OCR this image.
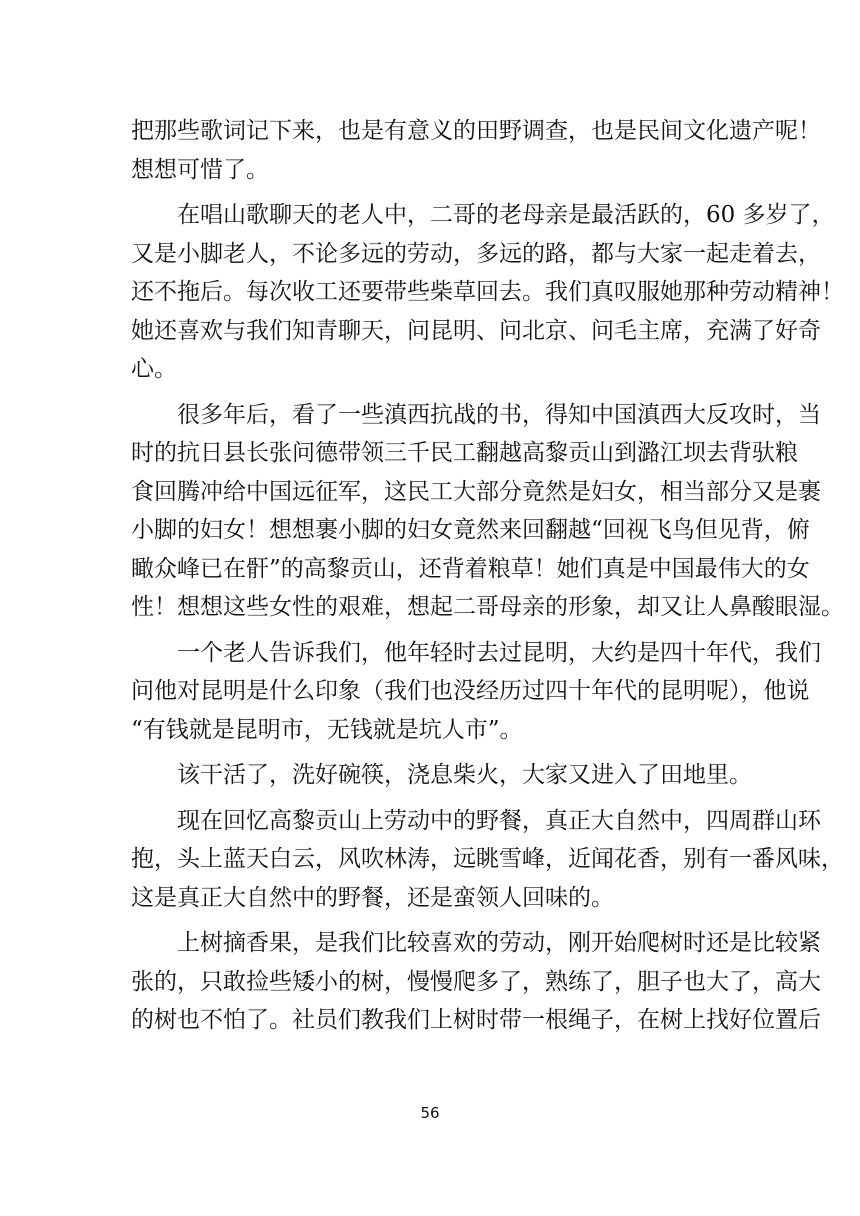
把那些歌词记下来，也是有意义的田野调查，也是民间文化遗产呢！
想想可惜了。

在唱山歌聊天的老人中，二哥的老母亲是最活跃的，60 多岁了，
又是小脚老人，不论多远的劳动，多远的路，都与大家一起走着去，
还不拖后。每次收工还要带些柴草回去。我们真叹服她那种劳动精神！
她还喜欢与我们知青聊天，问昆明、问北京、问毛主席，充满了好奇
心。

很多年后，看了一些滇西抗战的书，得知中国滇西大反攻时，当
时的抗日县长张问德带领三千民工翻越高黎贡山到潞江坝去背驮粮
食回腾冲给中国远征军，这民工大部分竟然是妇女，相当部分又是裹
小脚的妇女！想想裹小脚的妇女竟然来回翻越“回视飞鸟但见背，俯
瞰众峰已在骭”的高黎贡山，还背着粮草！她们真是中国最伟大的女
性！想想这些女性的艰难，想起二哥母亲的形象，却又让人鼻酸眼湿。

一个老人告诉我们，他年轻时去过昆明，大约是四十年代，我们
问他对昆明是什么印象（我们也没经历过四十年代的昆明呢），他说
“有钱就是昆明市，无钱就是坑人市”。

该干活了，洗好碗筷，浇息柴火，大家又进入了田地里。

现在回忆高黎贡山上劳动中的野餐，真正大自然中，四周群山环
抱，头上蓝天白云，风吹林涛，远眺雪峰，近闻花香，别有一番风味，
这是真正大自然中的野餐，还是蛮领人回味的。

上树摘香果，是我们比较喜欢的劳动，刚开始爬树时还是比较紧
张的，只敢捡些矮小的树，慢慢爬多了，熟练了，胆子也大了，高大
的树也不怕了。社员们教我们上树时带一根绳子，在树上找好位置后

56
